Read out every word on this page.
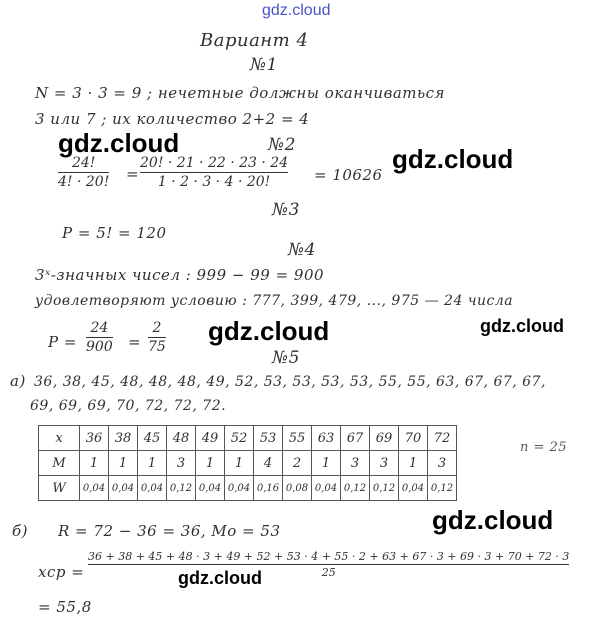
gdz.cloud
gdz.cloud
gdz.cloud
gdz.cloud	gdz.cloud
gdz.cloud
gdz.cloud
Вариант 4
№1
N = 3 · 3 = 9 ; нечетные должны оканчиваться
3 или 7 ; их количество 2+2 = 4
№2
24!
4! · 20! =
20! · 21 · 22 · 23 · 24
1 · 2 · 3 · 4 · 20!	= 10626
№3
P = 5! = 120
№4
3ˣ-значных чисел : 999 − 99 = 900
удовлетворяют условию : 777, 399, 479, ..., 975 — 24 числа
P =
24
900 =
2
75
№5
а) 36, 38, 45, 48, 48, 48, 49, 52, 53, 53, 53, 53, 55, 55, 63, 67, 67, 67,
69, 69, 69, 70, 72, 72, 72.
n = 25
x	36	38	45	48	49	52	53	55	63	67	69	70	72
M	1	1	1	3	1	1	4	2	1	3	3	1	3
W	0,04	0,04	0,04	0,12	0,04	0,04	0,16	0,08	0,04	0,12	0,12	0,04	0,12
б) R = 72 − 36 = 36, Mo = 53
xср =
36 + 38 + 45 + 48 · 3 + 49 + 52 + 53 · 4 + 55 · 2 + 63 + 67 · 3 + 69 · 3 + 70 + 72 · 3
25
= 55,8
